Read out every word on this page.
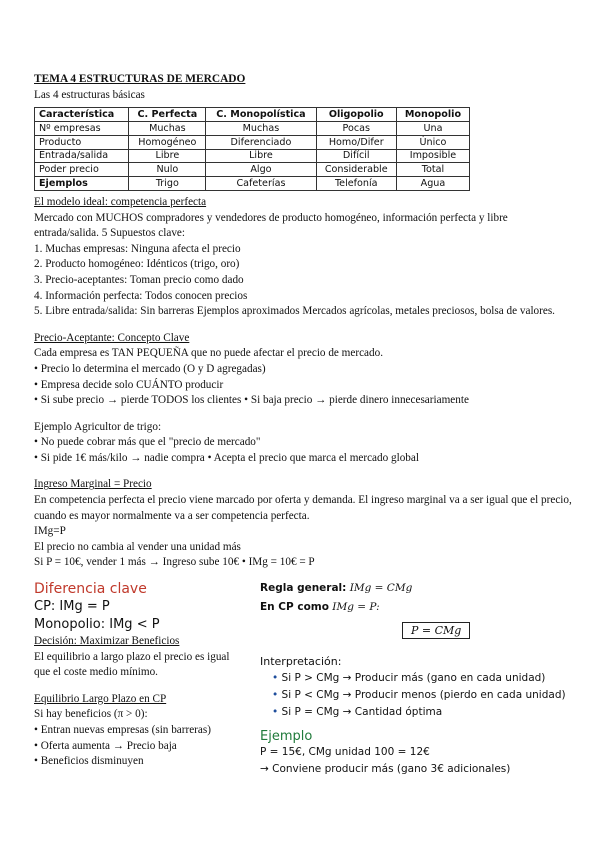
TEMA 4 ESTRUCTURAS DE MERCADO
Las 4 estructuras básicas
Característica	C. Perfecta	C. Monopolística	Oligopolio	Monopolio
Nº empresas	Muchas	Muchas	Pocas	Una
Producto	Homogéneo	Diferenciado	Homo/Difer	Único
Entrada/salida	Libre	Libre	Difícil	Imposible
Poder precio	Nulo	Algo	Considerable	Total
Ejemplos	Trigo	Cafeterías	Telefonía	Agua
El modelo ideal: competencia perfecta
Mercado con MUCHOS compradores y vendedores de producto homogéneo, información perfecta y libre entrada/salida. 5 Supuestos clave:
1. Muchas empresas: Ninguna afecta el precio
2. Producto homogéneo: Idénticos (trigo, oro)
3. Precio-aceptantes: Toman precio como dado
4. Información perfecta: Todos conocen precios
5. Libre entrada/salida: Sin barreras Ejemplos aproximados Mercados agrícolas, metales preciosos, bolsa de valores.
Precio-Aceptante: Concepto Clave
Cada empresa es TAN PEQUEÑA que no puede afectar el precio de mercado.
• Precio lo determina el mercado (O y D agregadas)
• Empresa decide solo CUÁNTO producir
• Si sube precio → pierde TODOS los clientes • Si baja precio → pierde dinero innecesariamente
Ejemplo Agricultor de trigo:
• No puede cobrar más que el "precio de mercado"
• Si pide 1€ más/kilo → nadie compra • Acepta el precio que marca el mercado global
Ingreso Marginal = Precio
En competencia perfecta el precio viene marcado por oferta y demanda. El ingreso marginal va a ser igual que el precio, cuando es mayor normalmente va a ser competencia perfecta.
IMg=P
El precio no cambia al vender una unidad más
Si P = 10€, vender 1 más → Ingreso sube 10€ • IMg = 10€ = P
Diferencia clave
CP: IMg = P
Monopolio: IMg < P
Decisión: Maximizar Beneficios
El equilibrio a largo plazo el precio es igual que el coste medio mínimo.
Equilibrio Largo Plazo en CP
Si hay beneficios (π > 0):
• Entran nuevas empresas (sin barreras)
• Oferta aumenta → Precio baja
• Beneficios disminuyen
Regla general: IMg = CMg
En CP como IMg = P:
P = CMg
Interpretación:
• Si P > CMg → Producir más (gano en cada unidad)
• Si P < CMg → Producir menos (pierdo en cada unidad)
• Si P = CMg → Cantidad óptima
Ejemplo
P = 15€, CMg unidad 100 = 12€
→ Conviene producir más (gano 3€ adicionales)
